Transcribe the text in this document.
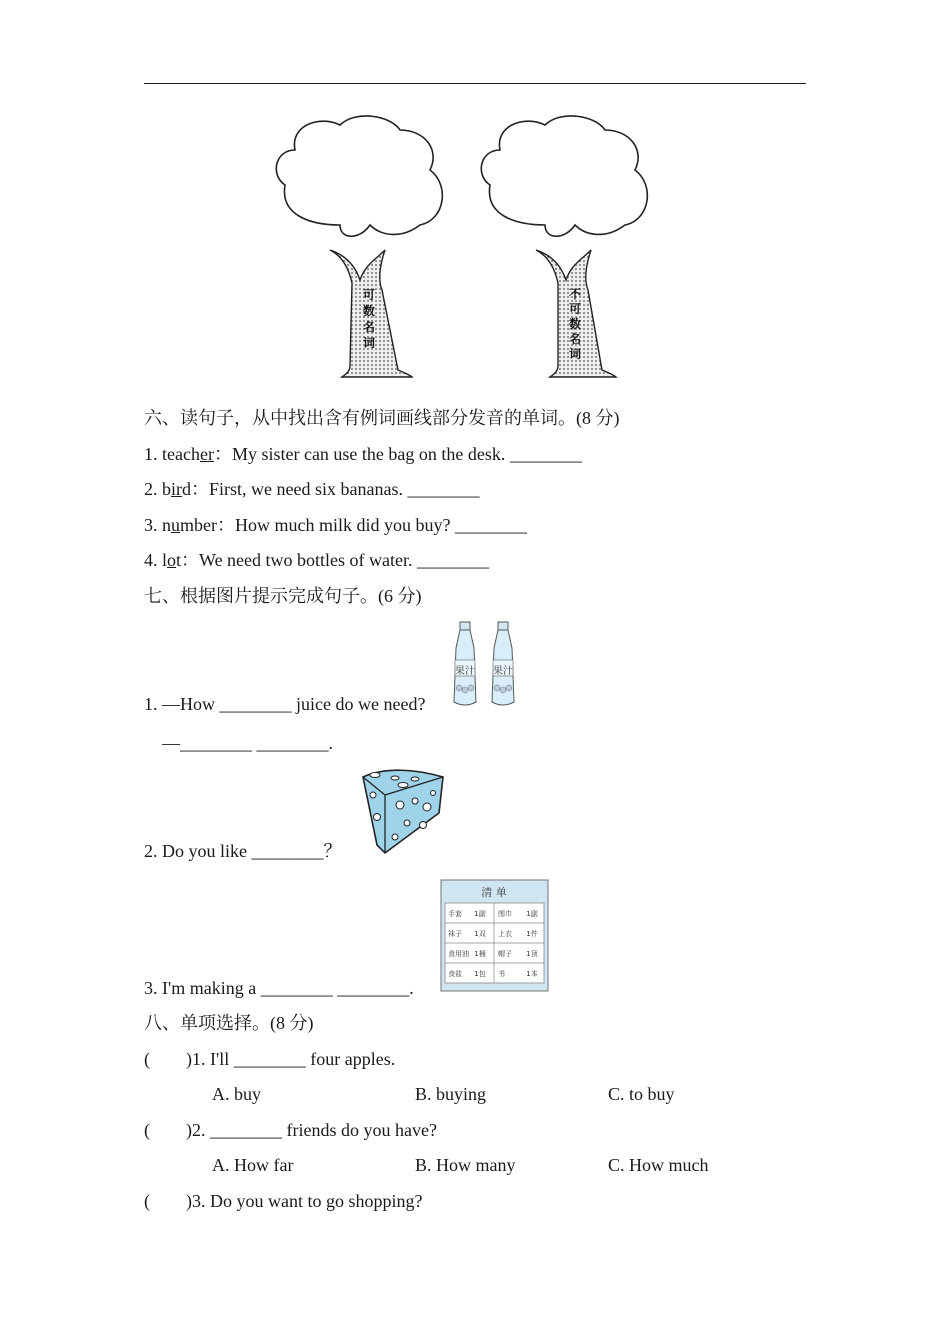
可数名词
不可数名词
六、读句子，从中找出含有例词画线部分发音的单词。(8 分)
1. teacher：My sister can use the bag on the desk. ________
2. bird：First, we need six bananas. ________
3. number：How much milk did you buy? ________
4. lot：We need two bottles of water. ________
七、根据图片提示完成句子。(6 分)
果汁 果汁
1. —How ________ juice do we need?
—________ ________.
2. Do you like ________？
清 单
手套 1副 围巾 1副
袜子 1双 上衣 1件
食用油 1桶 帽子 1顶
食盐 1包 书	1本
3. I'm making a ________ ________.
八、单项选择。(8 分)
(        )1. I'll ________ four apples.
A. buy	B. buying	C. to buy
(        )2. ________ friends do you have?
A. How far	B. How many	C. How much
(        )3. Do you want to go shopping?
